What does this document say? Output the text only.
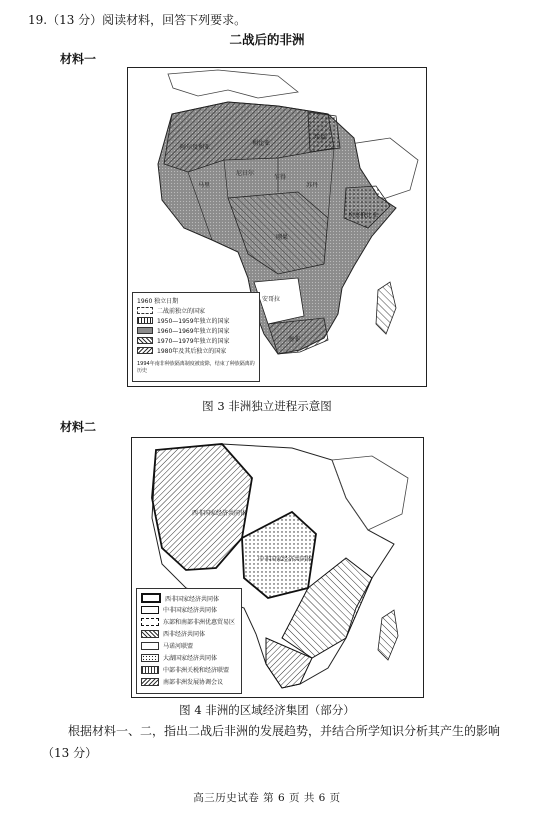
19.（13 分）阅读材料，回答下列要求。
二战后的非洲
材料一
阿尔及利亚
利比亚
埃及
苏丹
埃塞俄比亚
乍得
尼日尔
马里
刚果
安哥拉
南非
1960 独立日期
二战前独立的国家
1950—1959年独立的国家
1960—1969年独立的国家
1970—1979年独立的国家
1980年及其后独立的国家
1994年南非种族隔离制度被废除，结束了种族隔离的历史
图 3 非洲独立进程示意图
材料二
西非国家经济共同体
中非国家经济共同体
西非国家经济共同体
中非国家经济共同体
东部和南部非洲优惠贸易区
西非经济共同体
马诺河联盟
大湖国家经济共同体
中部非洲关税和经济联盟
南部非洲发展协调会议
图 4 非洲的区域经济集团（部分）
根据材料一、二，指出二战后非洲的发展趋势，并结合所学知识分析其产生的影响
（13 分）
高三历史试卷 第 6 页 共 6 页
